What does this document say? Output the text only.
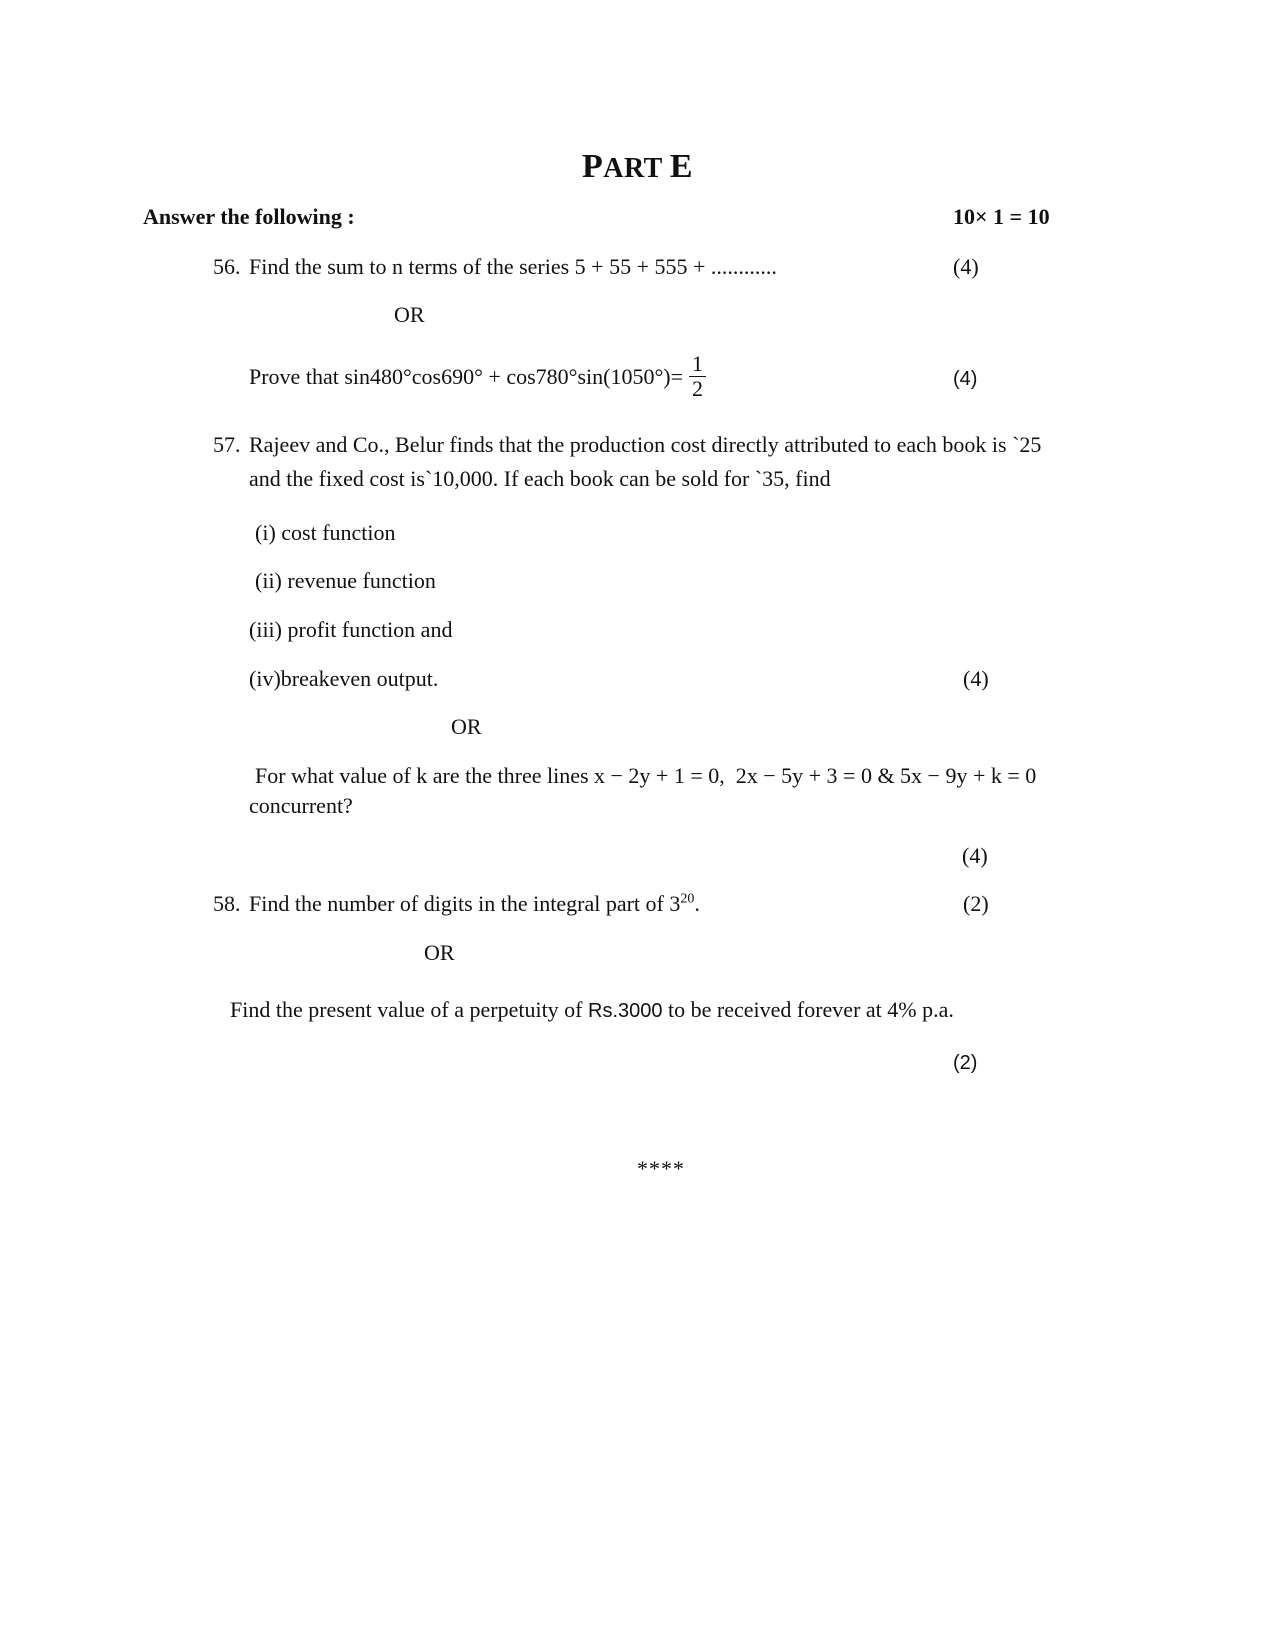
PART E
Answer the following :	10× 1 = 10
56. Find the sum to n terms of the series 5 + 55 + 555 + ............	(4)
OR
Prove that $\sin 480^\circ\cos 690^\circ + \cos 780^\circ\sin(1050^\circ)= \frac{1}{2}$	(4)
57. Rajeev and Co., Belur finds that the production cost directly attributed to each book is `25
and the fixed cost is`10,000. If each book can be sold for `35, find
(i) cost function
(ii) revenue function
(iii) profit function and
(iv)breakeven output.	(4)
OR
For what value of k are the three lines x − 2y + 1 = 0,  2x − 5y + 3 = 0 & 5x − 9y + k = 0
concurrent?
(4)
58. Find the number of digits in the integral part of $3^{20}$.	(2)
OR
Find the present value of a perpetuity of Rs.3000 to be received forever at 4% p.a.
(2)
****
